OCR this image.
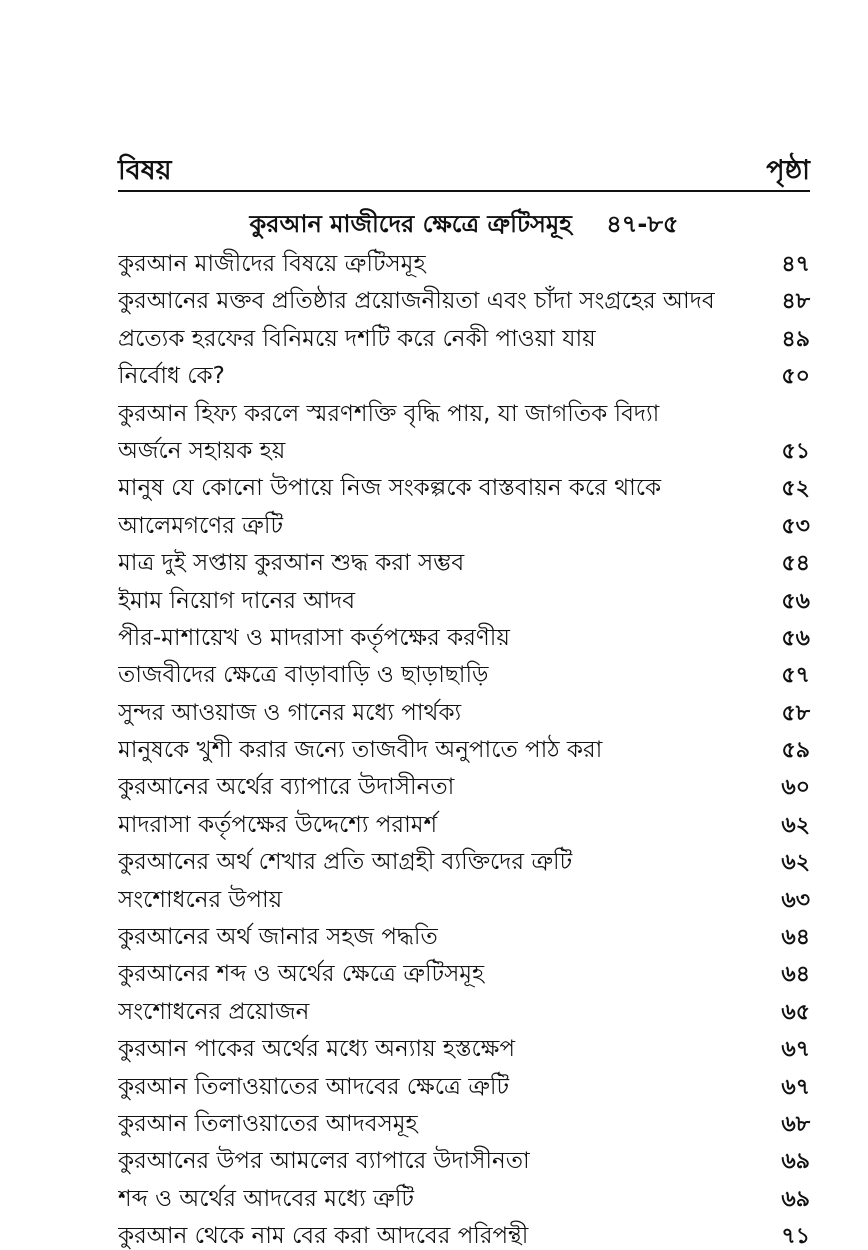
বিষয়	পৃষ্ঠা
কুরআন মাজীদের ক্ষেত্রে ত্রুটিসমূহ ৪৭-৮৫
কুরআন মাজীদের বিষয়ে ত্রুটিসমূহ	৪৭
কুরআনের মক্তব প্রতিষ্ঠার প্রয়োজনীয়তা এবং চাঁদা সংগ্রহের আদব	৪৮
প্রত্যেক হরফের বিনিময়ে দশটি করে নেকী পাওয়া যায়	৪৯
নির্বোধ কে?	৫০
কুরআন হিফ্য করলে স্মরণশক্তি বৃদ্ধি পায়, যা জাগতিক বিদ্যা
অর্জনে সহায়ক হয়	৫১
মানুষ যে কোনো উপায়ে নিজ সংকল্পকে বাস্তবায়ন করে থাকে	৫২
আলেমগণের ত্রুটি	৫৩
মাত্র দুই সপ্তায় কুরআন শুদ্ধ করা সম্ভব	৫৪
ইমাম নিয়োগ দানের আদব	৫৬
পীর-মাশায়েখ ও মাদরাসা কর্তৃপক্ষের করণীয়	৫৬
তাজবীদের ক্ষেত্রে বাড়াবাড়ি ও ছাড়াছাড়ি	৫৭
সুন্দর আওয়াজ ও গানের মধ্যে পার্থক্য	৫৮
মানুষকে খুশী করার জন্যে তাজবীদ অনুপাতে পাঠ করা	৫৯
কুরআনের অর্থের ব্যাপারে উদাসীনতা	৬০
মাদরাসা কর্তৃপক্ষের উদ্দেশ্যে পরামর্শ	৬২
কুরআনের অর্থ শেখার প্রতি আগ্রহী ব্যক্তিদের ত্রুটি	৬২
সংশোধনের উপায়	৬৩
কুরআনের অর্থ জানার সহজ পদ্ধতি	৬৪
কুরআনের শব্দ ও অর্থের ক্ষেত্রে ত্রুটিসমূহ	৬৪
সংশোধনের প্রয়োজন	৬৫
কুরআন পাকের অর্থের মধ্যে অন্যায় হস্তক্ষেপ	৬৭
কুরআন তিলাওয়াতের আদবের ক্ষেত্রে ত্রুটি	৬৭
কুরআন তিলাওয়াতের আদবসমূহ	৬৮
কুরআনের উপর আমলের ব্যাপারে উদাসীনতা	৬৯
শব্দ ও অর্থের আদবের মধ্যে ত্রুটি	৬৯
কুরআন থেকে নাম বের করা আদবের পরিপন্থী	৭১
